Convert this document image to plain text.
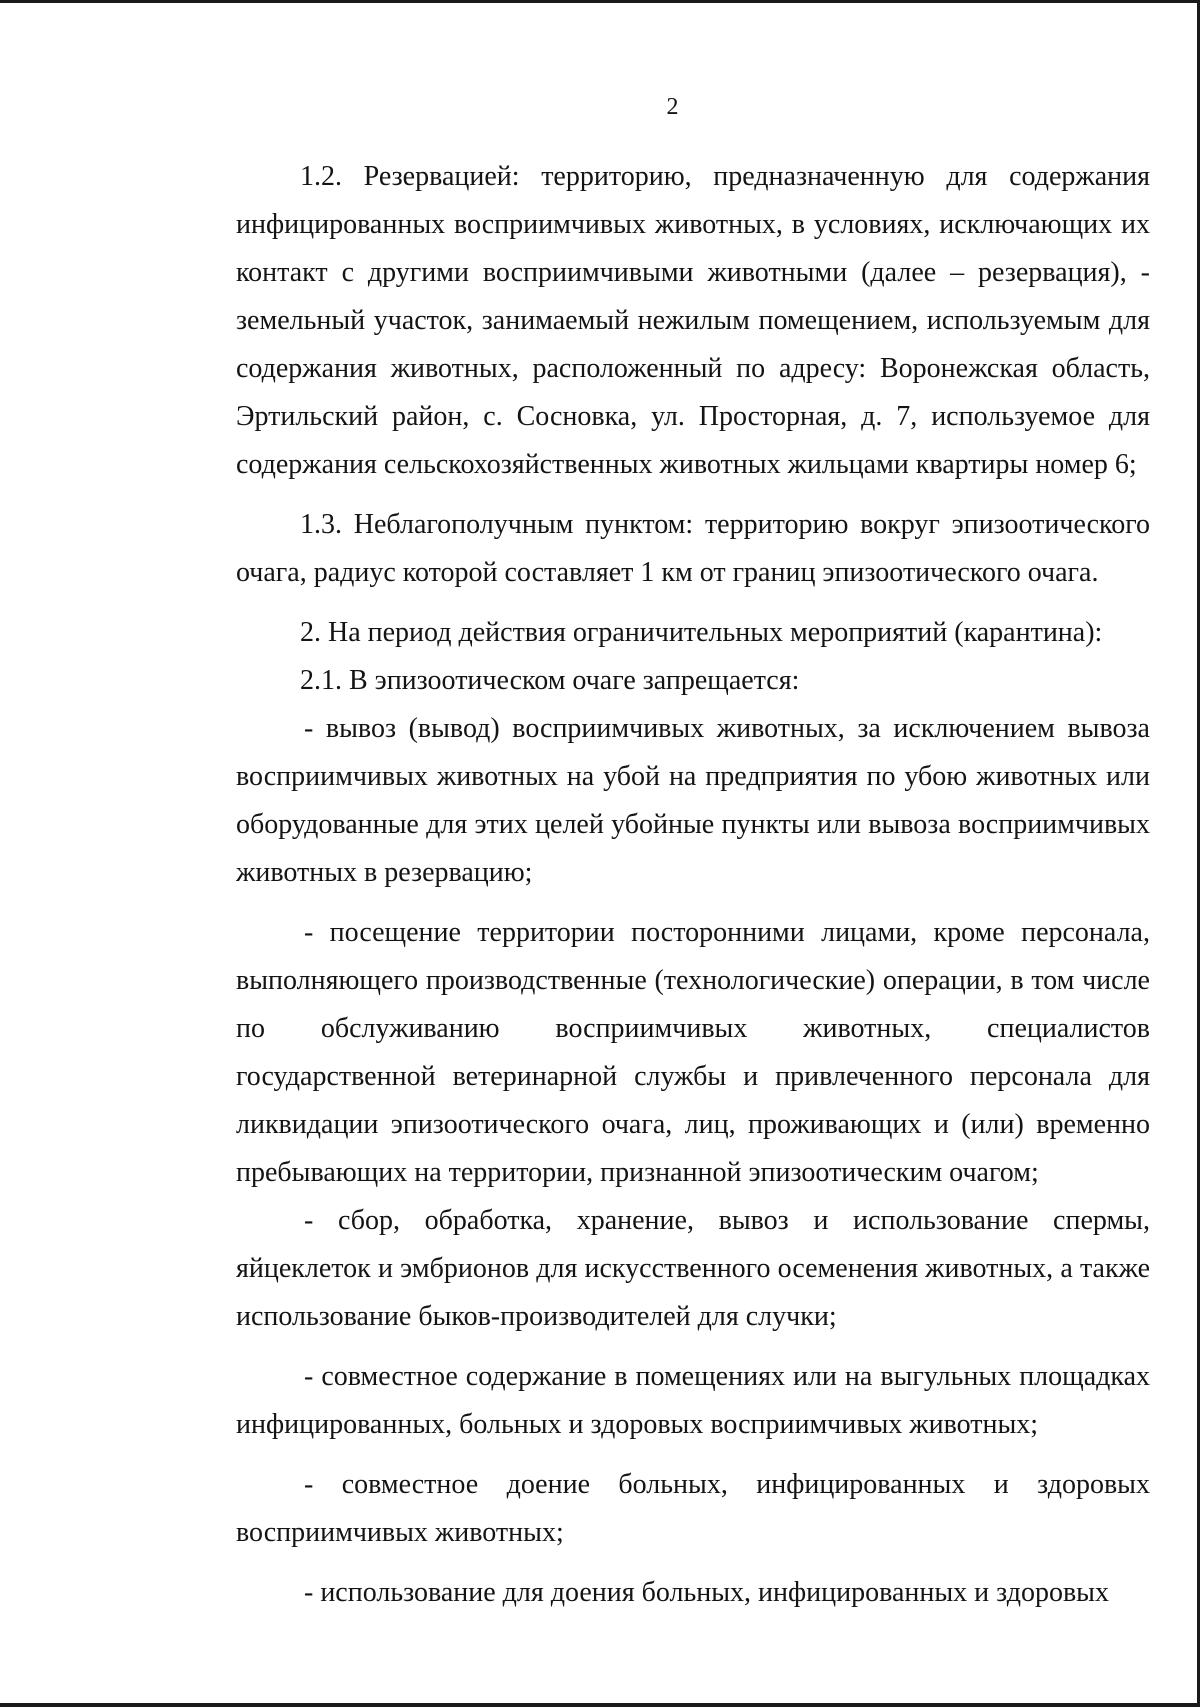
2

1.2. Резервацией: территорию, предназначенную для содержания инфицированных восприимчивых животных, в условиях, исключающих их контакт с другими восприимчивыми животными (далее – резервация), - земельный участок, занимаемый нежилым помещением, используемым для содержания животных, расположенный по адресу: Воронежская область, Эртильский район, с. Сосновка, ул. Просторная, д. 7, используемое для содержания сельскохозяйственных животных жильцами квартиры номер 6;

1.3. Неблагополучным пунктом: территорию вокруг эпизоотического очага, радиус которой составляет 1 км от границ эпизоотического очага.

2. На период действия ограничительных мероприятий (карантина):

2.1. В эпизоотическом очаге запрещается:

- вывоз (вывод) восприимчивых животных, за исключением вывоза восприимчивых животных на убой на предприятия по убою животных или оборудованные для этих целей убойные пункты или вывоза восприимчивых животных в резервацию;

- посещение территории посторонними лицами, кроме персонала, выполняющего производственные (технологические) операции, в том числе по обслуживанию восприимчивых животных, специалистов государственной ветеринарной службы и привлеченного персонала для ликвидации эпизоотического очага, лиц, проживающих и (или) временно пребывающих на территории, признанной эпизоотическим очагом;

- сбор, обработка, хранение, вывоз и использование спермы, яйцеклеток и эмбрионов для искусственного осеменения животных, а также использование быков-производителей для случки;

- совместное содержание в помещениях или на выгульных площадках инфицированных, больных и здоровых восприимчивых животных;

- совместное доение больных, инфицированных и здоровых восприимчивых животных;

- использование для доения больных, инфицированных и здоровых
